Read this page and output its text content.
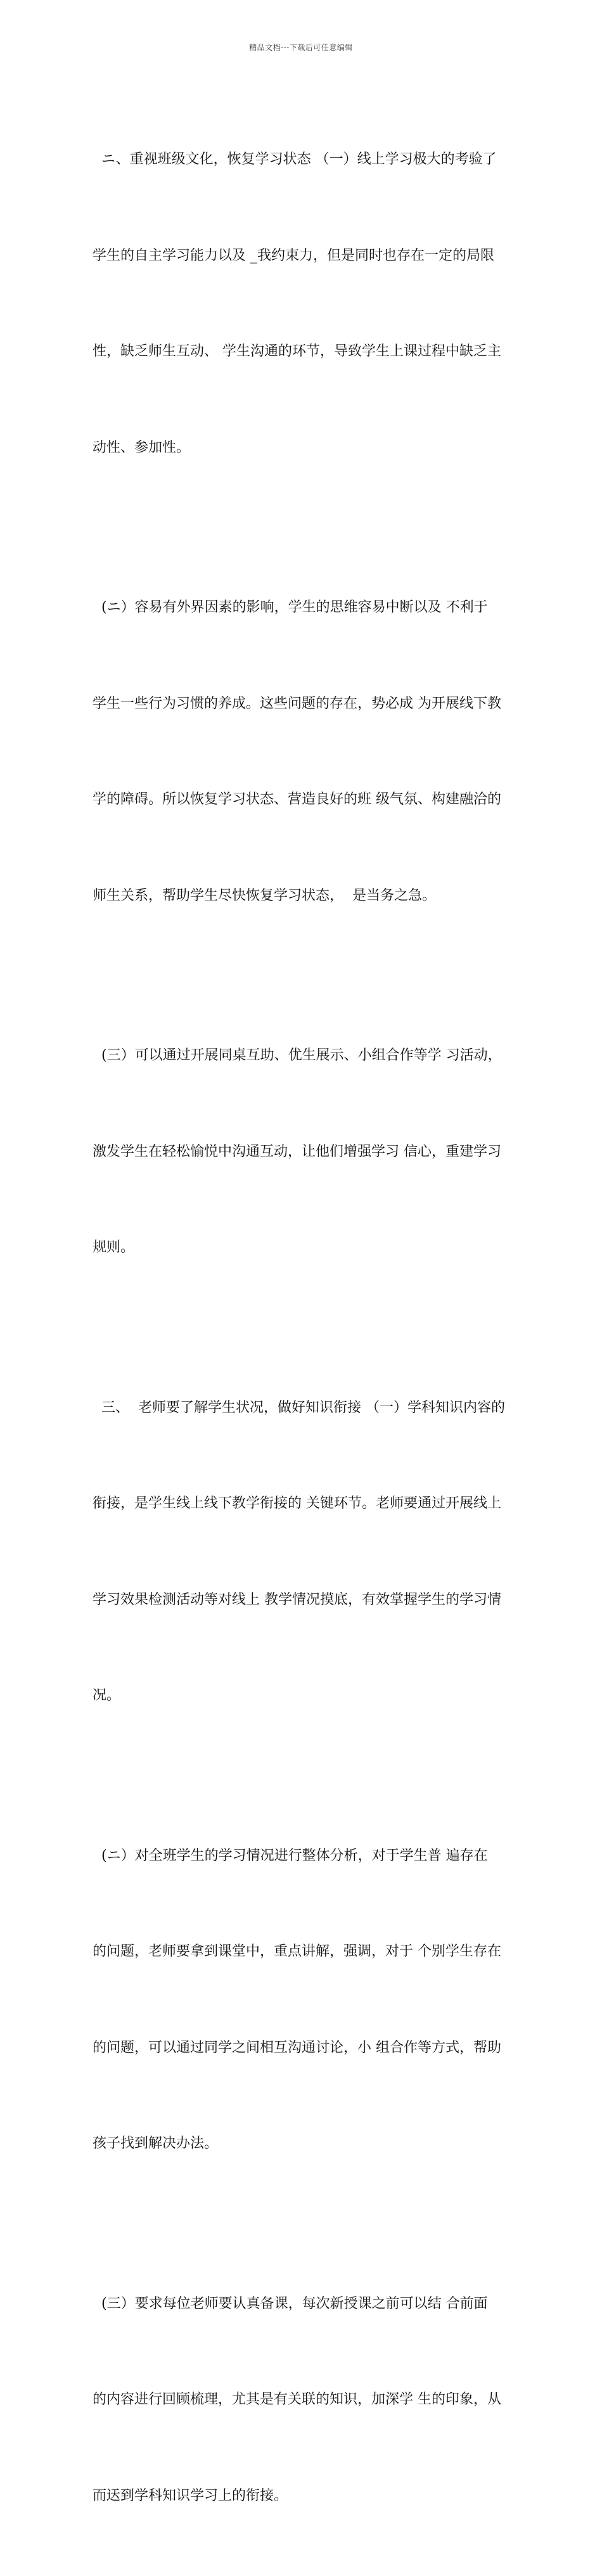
精品文档---下载后可任意编辑

ニ、重视班级文化，恢复学习状态 （一）线上学习极大的考验了

学生的自主学习能力以及 _我约束力，但是同时也存在一定的局限

性，缺乏师生互动、 学生沟通的环节，导致学生上课过程中缺乏主

动性、参加性。

(ニ）容易有外界因素的影响，学生的思维容易中断以及 不利于

学生一些行为习惯的养成。这些问题的存在，势必成 为开展线下教

学的障碍。所以恢复学习状态、营造良好的班 级气氛、构建融洽的

师生关系，帮助学生尽快恢复学习状态，  是当务之急。

(三）可以通过开展同桌互助、优生展示、小组合作等学 习活动，

激发学生在轻松愉悦中沟通互动，让他们增强学习 信心，重建学习

规则。

三、  老师要了解学生状况，做好知识衔接 （一）学科知识内容的

衔接，是学生线上线下教学衔接的 关键环节。老师要通过开展线上

学习效果检测活动等对线上 教学情况摸底，有效掌握学生的学习情

况。

(ニ）对全班学生的学习情况进行整体分析，对于学生普 遍存在

的问题，老师要拿到课堂中，重点讲解，强调，对于 个别学生存在

的问题，可以通过同学之间相互沟通讨论，小 组合作等方式，帮助

孩子找到解决办法。

(三）要求每位老师要认真备课，每次新授课之前可以结 合前面

的内容进行回顾梳理，尤其是有关联的知识，加深学 生的印象，从

而迗到学科知识学习上的衔接。
